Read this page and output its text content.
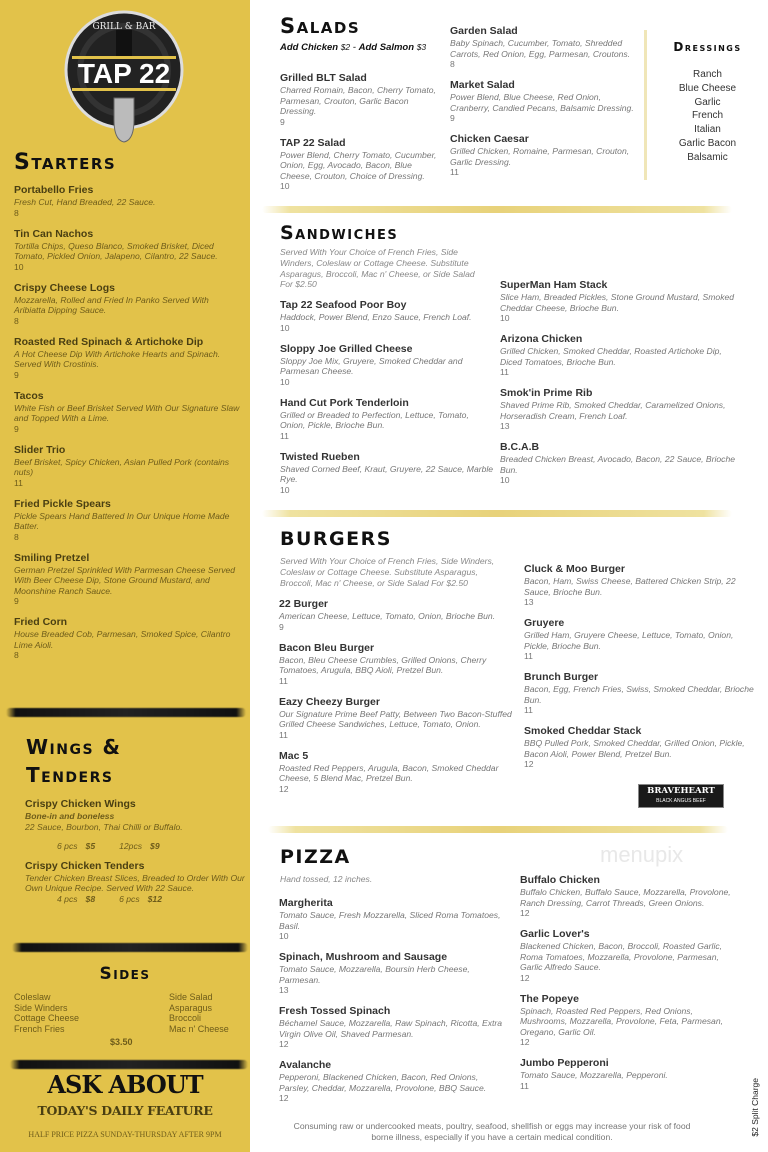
GRILL & BAR
TAP 22
Starters
Portabello Fries
Fresh Cut, Hand Breaded, 22 Sauce.
8
Tin Can Nachos
Tortilla Chips, Queso Blanco, Smoked Brisket, Diced Tomato, Pickled Onion, Jalapeno, Cilantro, 22 Sauce.
10
Crispy Cheese Logs
Mozzarella, Rolled and Fried In Panko Served With Aribiatta Dipping Sauce.
8
Roasted Red Spinach & Artichoke Dip
A Hot Cheese Dip With Artichoke Hearts and Spinach. Served With Crostinis.
9
Tacos
White Fish or Beef Brisket Served With Our Signature Slaw and Topped With a Lime.
9
Slider Trio
Beef Brisket, Spicy Chicken, Asian Pulled Pork (contains nuts)
11
Fried Pickle Spears
Pickle Spears Hand Battered In Our Unique Home Made Batter.
8
Smiling Pretzel
German Pretzel Sprinkled With Parmesan Cheese Served With Beer Cheese Dip, Stone Ground Mustard, and Moonshine Ranch Sauce.
9
Fried Corn
House Breaded Cob, Parmesan, Smoked Spice, Cilantro Lime Aioli.
8
Wings &
Tenders
Crispy Chicken Wings
Bone-in and boneless
22 Sauce, Bourbon, Thai Chilli or Buffalo.
6 pcs $5	12pcs $9
Crispy Chicken Tenders
Tender Chicken Breast Slices, Breaded to Order With Our Own Unique Recipe. Served With 22 Sauce.
4 pcs $8	6 pcs $12
Sides
Coleslaw
Side Winders
Cottage Cheese
French Fries
Side Salad
Asparagus
Broccoli
Mac n' Cheese
$3.50
ASK ABOUT
TODAY'S DAILY FEATURE
HALF PRICE PIZZA SUNDAY-THURSDAY AFTER 9PM
Salads
Add Chicken $2 - Add Salmon $3
Grilled BLT Salad
Charred Romain, Bacon, Cherry Tomato, Parmesan, Crouton, Garlic Bacon Dressing.
9
TAP 22 Salad
Power Blend, Cherry Tomato, Cucumber, Onion, Egg, Avocado, Bacon, Blue Cheese, Crouton, Choice of Dressing.
10
Garden Salad
Baby Spinach, Cucumber, Tomato, Shredded Carrots, Red Onion, Egg, Parmesan, Croutons.
8
Market Salad
Power Blend, Blue Cheese, Red Onion, Cranberry, Candied Pecans, Balsamic Dressing.
9
Chicken Caesar
Grilled Chicken, Romaine, Parmesan, Crouton, Garlic Dressing.
11
Dressings
Ranch
Blue Cheese
Garlic
French
Italian
Garlic Bacon
Balsamic
Sandwiches
Served With Your Choice of French Fries, Side Winders, Coleslaw or Cottage Cheese. Substitute Asparagus, Broccoli, Mac n' Cheese, or Side Salad For $2.50
Tap 22 Seafood Poor Boy
Haddock, Power Blend, Enzo Sauce, French Loaf.
10
Sloppy Joe Grilled Cheese
Sloppy Joe Mix, Gruyere, Smoked Cheddar and Parmesan Cheese.
10
Hand Cut Pork Tenderloin
Grilled or Breaded to Perfection, Lettuce, Tomato, Onion, Pickle, Brioche Bun.
11
Twisted Rueben
Shaved Corned Beef, Kraut, Gruyere, 22 Sauce, Marble Rye.
10
SuperMan Ham Stack
Slice Ham, Breaded Pickles, Stone Ground Mustard, Smoked Cheddar Cheese, Brioche Bun.
10
Arizona Chicken
Grilled Chicken, Smoked Cheddar, Roasted Artichoke Dip, Diced Tomatoes, Brioche Bun.
11
Smok'in Prime Rib
Shaved Prime Rib, Smoked Cheddar, Caramelized Onions, Horseradish Cream, French Loaf.
13
B.C.A.B
Breaded Chicken Breast, Avocado, Bacon, 22 Sauce, Brioche Bun.
10
BURGERS
Served With Your Choice of French Fries, Side Winders, Coleslaw or Cottage Cheese. Substitute Asparagus, Broccoli, Mac n' Cheese, or Side Salad For $2.50
22 Burger
American Cheese, Lettuce, Tomato, Onion, Brioche Bun.
9
Bacon Bleu Burger
Bacon, Bleu Cheese Crumbles, Grilled Onions, Cherry Tomatoes, Arugula, BBQ Aioli, Pretzel Bun.
11
Eazy Cheezy Burger
Our Signature Prime Beef Patty, Between Two Bacon-Stuffed Grilled Cheese Sandwiches, Lettuce, Tomato, Onion.
11
Mac 5
Roasted Red Peppers, Arugula, Bacon, Smoked Cheddar Cheese, 5 Blend Mac, Pretzel Bun.
12
Cluck & Moo Burger
Bacon, Ham, Swiss Cheese, Battered Chicken Strip, 22 Sauce, Brioche Bun.
13
Gruyere
Grilled Ham, Gruyere Cheese, Lettuce, Tomato, Onion, Pickle, Brioche Bun.
11
Brunch Burger
Bacon, Egg, French Fries, Swiss, Smoked Cheddar, Brioche Bun.
11
Smoked Cheddar Stack
BBQ Pulled Pork, Smoked Cheddar, Grilled Onion, Pickle, Bacon Aioli, Power Blend, Pretzel Bun.
12
BRAVEHEART
BLACK ANGUS BEEF
PIZZA	menupix
Hand tossed, 12 inches.
Margherita
Tomato Sauce, Fresh Mozzarella, Sliced Roma Tomatoes, Basil.
10
Spinach, Mushroom and Sausage
Tomato Sauce, Mozzarella, Boursin Herb Cheese, Parmesan.
13
Fresh Tossed Spinach
Béchamel Sauce, Mozzarella, Raw Spinach, Ricotta, Extra Virgin Olive Oil, Shaved Parmesan.
12
Avalanche
Pepperoni, Blackened Chicken, Bacon, Red Onions, Parsley, Cheddar, Mozzarella, Provolone, BBQ Sauce.
12
Buffalo Chicken
Buffalo Chicken, Buffalo Sauce, Mozzarella, Provolone, Ranch Dressing, Carrot Threads, Green Onions.
12
Garlic Lover's
Blackened Chicken, Bacon, Broccoli, Roasted Garlic, Roma Tomatoes, Mozzarella, Provolone, Parmesan, Garlic Alfredo Sauce.
12
The Popeye
Spinach, Roasted Red Peppers, Red Onions, Mushrooms, Mozzarella, Provolone, Feta, Parmesan, Oregano, Garlic Oil.
12
Jumbo Pepperoni
Tomato Sauce, Mozzarella, Pepperoni.
11
Consuming raw or undercooked meats, poultry, seafood, shellfish or eggs may increase your risk of food borne illness, especially if you have a certain medical condition.	$2 Split Charge
